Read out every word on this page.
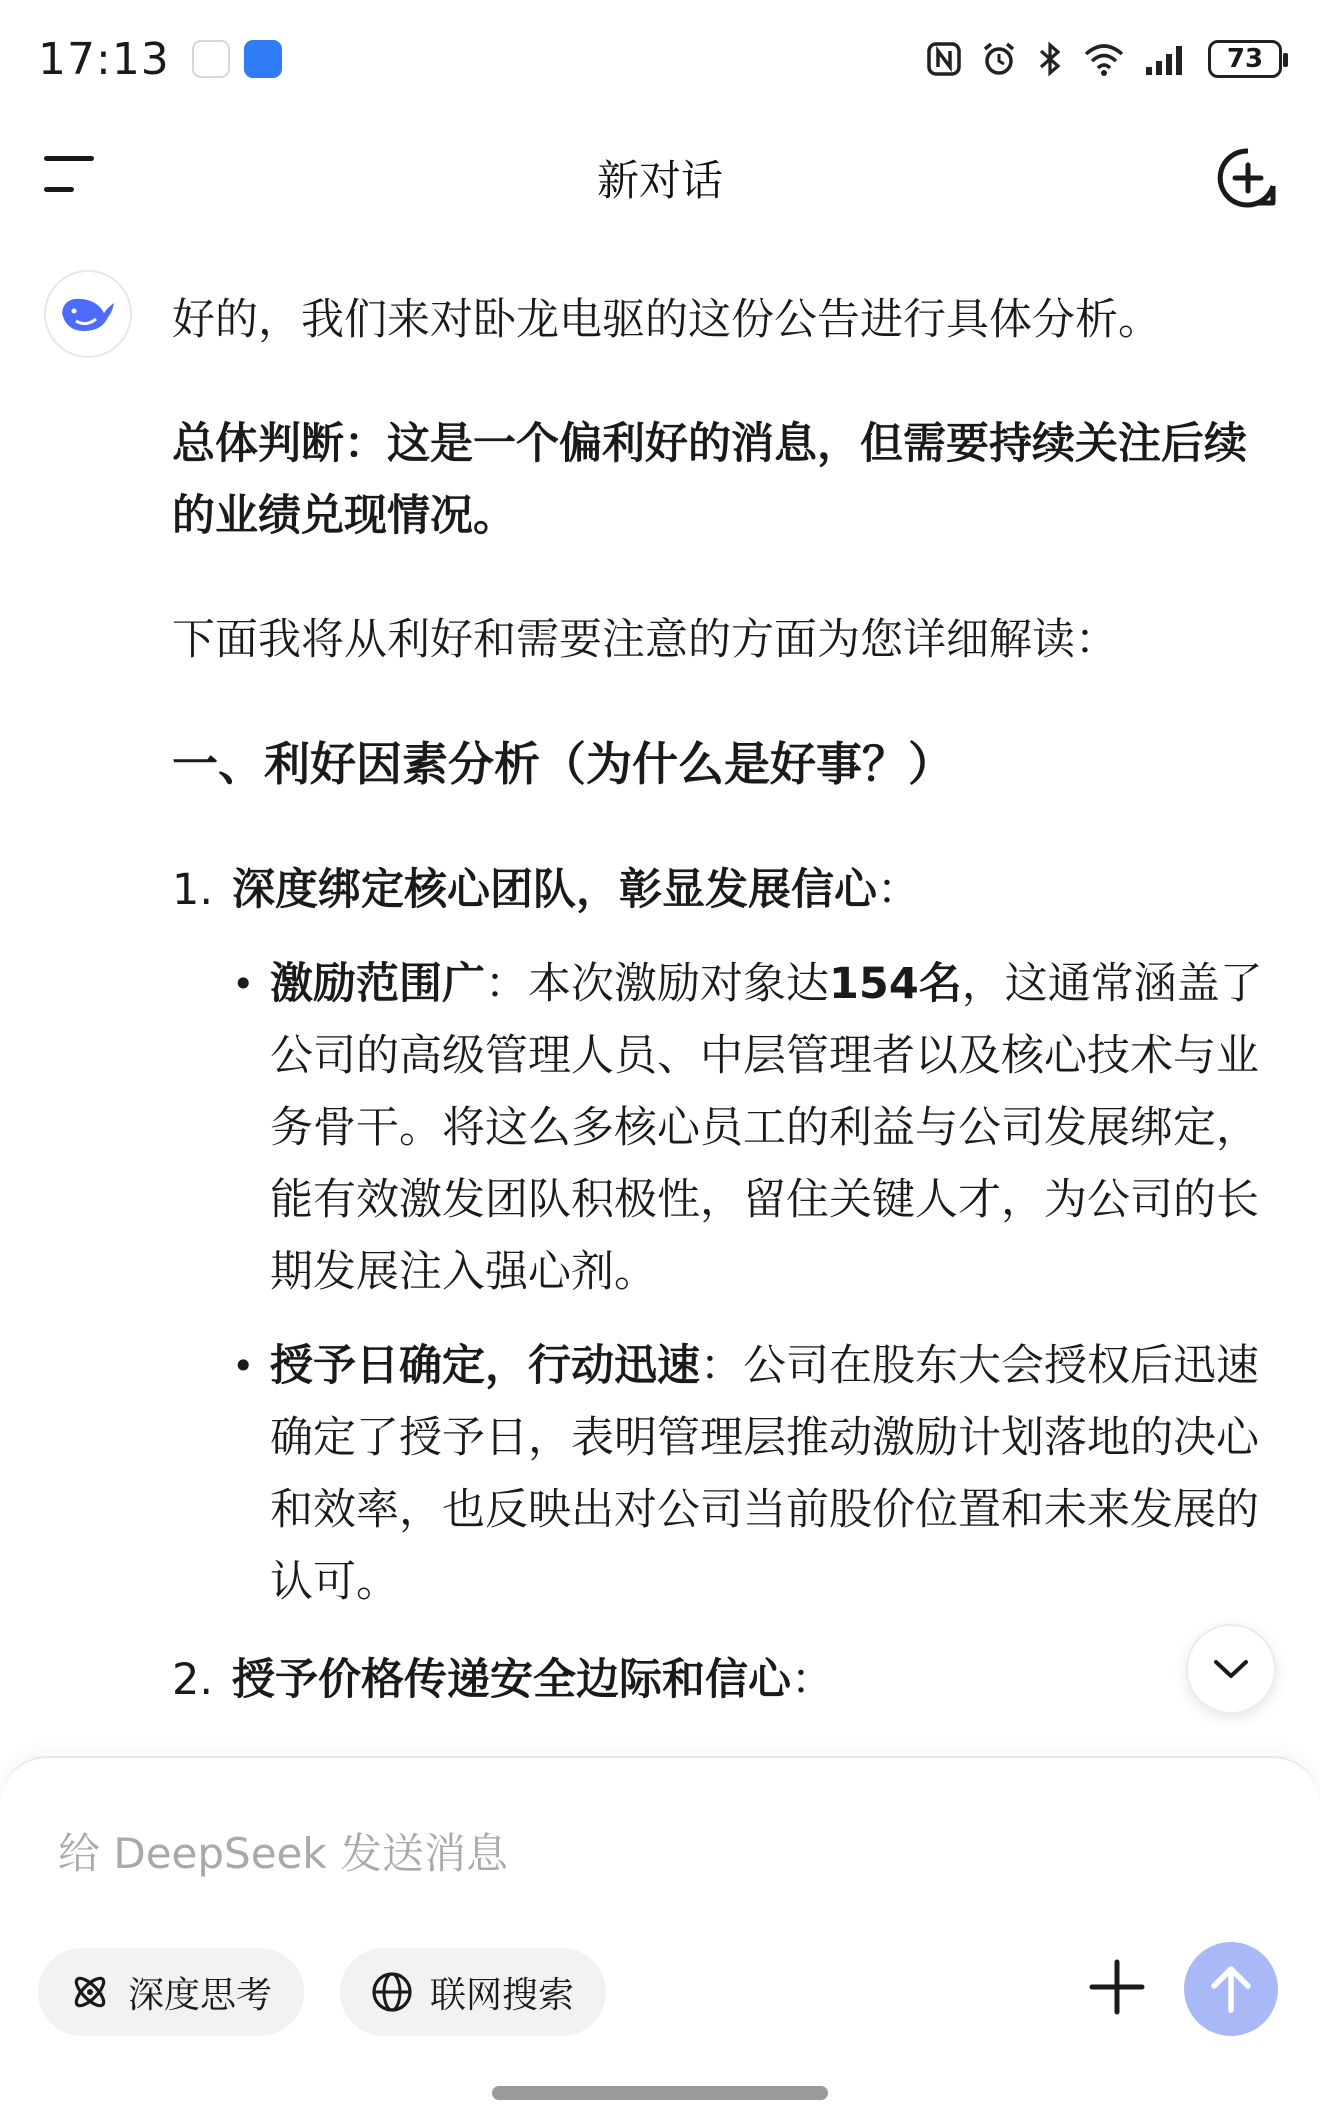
17:13	73
新对话

好的，我们来对卧龙电驱的这份公告进行具体分析。

总体判断：这是一个偏利好的消息，但需要持续关注后续的业绩兑现情况。

下面我将从利好和需要注意的方面为您详细解读：

一、利好因素分析（为什么是好事？）
1. 深度绑定核心团队，彰显发展信心：
• 激励范围广：本次激励对象达154名，这通常涵盖了公司的高级管理人员、中层管理者以及核心技术与业务骨干。将这么多核心员工的利益与公司发展绑定，能有效激发团队积极性，留住关键人才，为公司的长期发展注入强心剂。
• 授予日确定，行动迅速：公司在股东大会授权后迅速确定了授予日，表明管理层推动激励计划落地的决心和效率，也反映出对公司当前股价位置和未来发展的认可。
2. 授予价格传递安全边际和信心：
给 DeepSeek 发送消息
深度思考	联网搜索
